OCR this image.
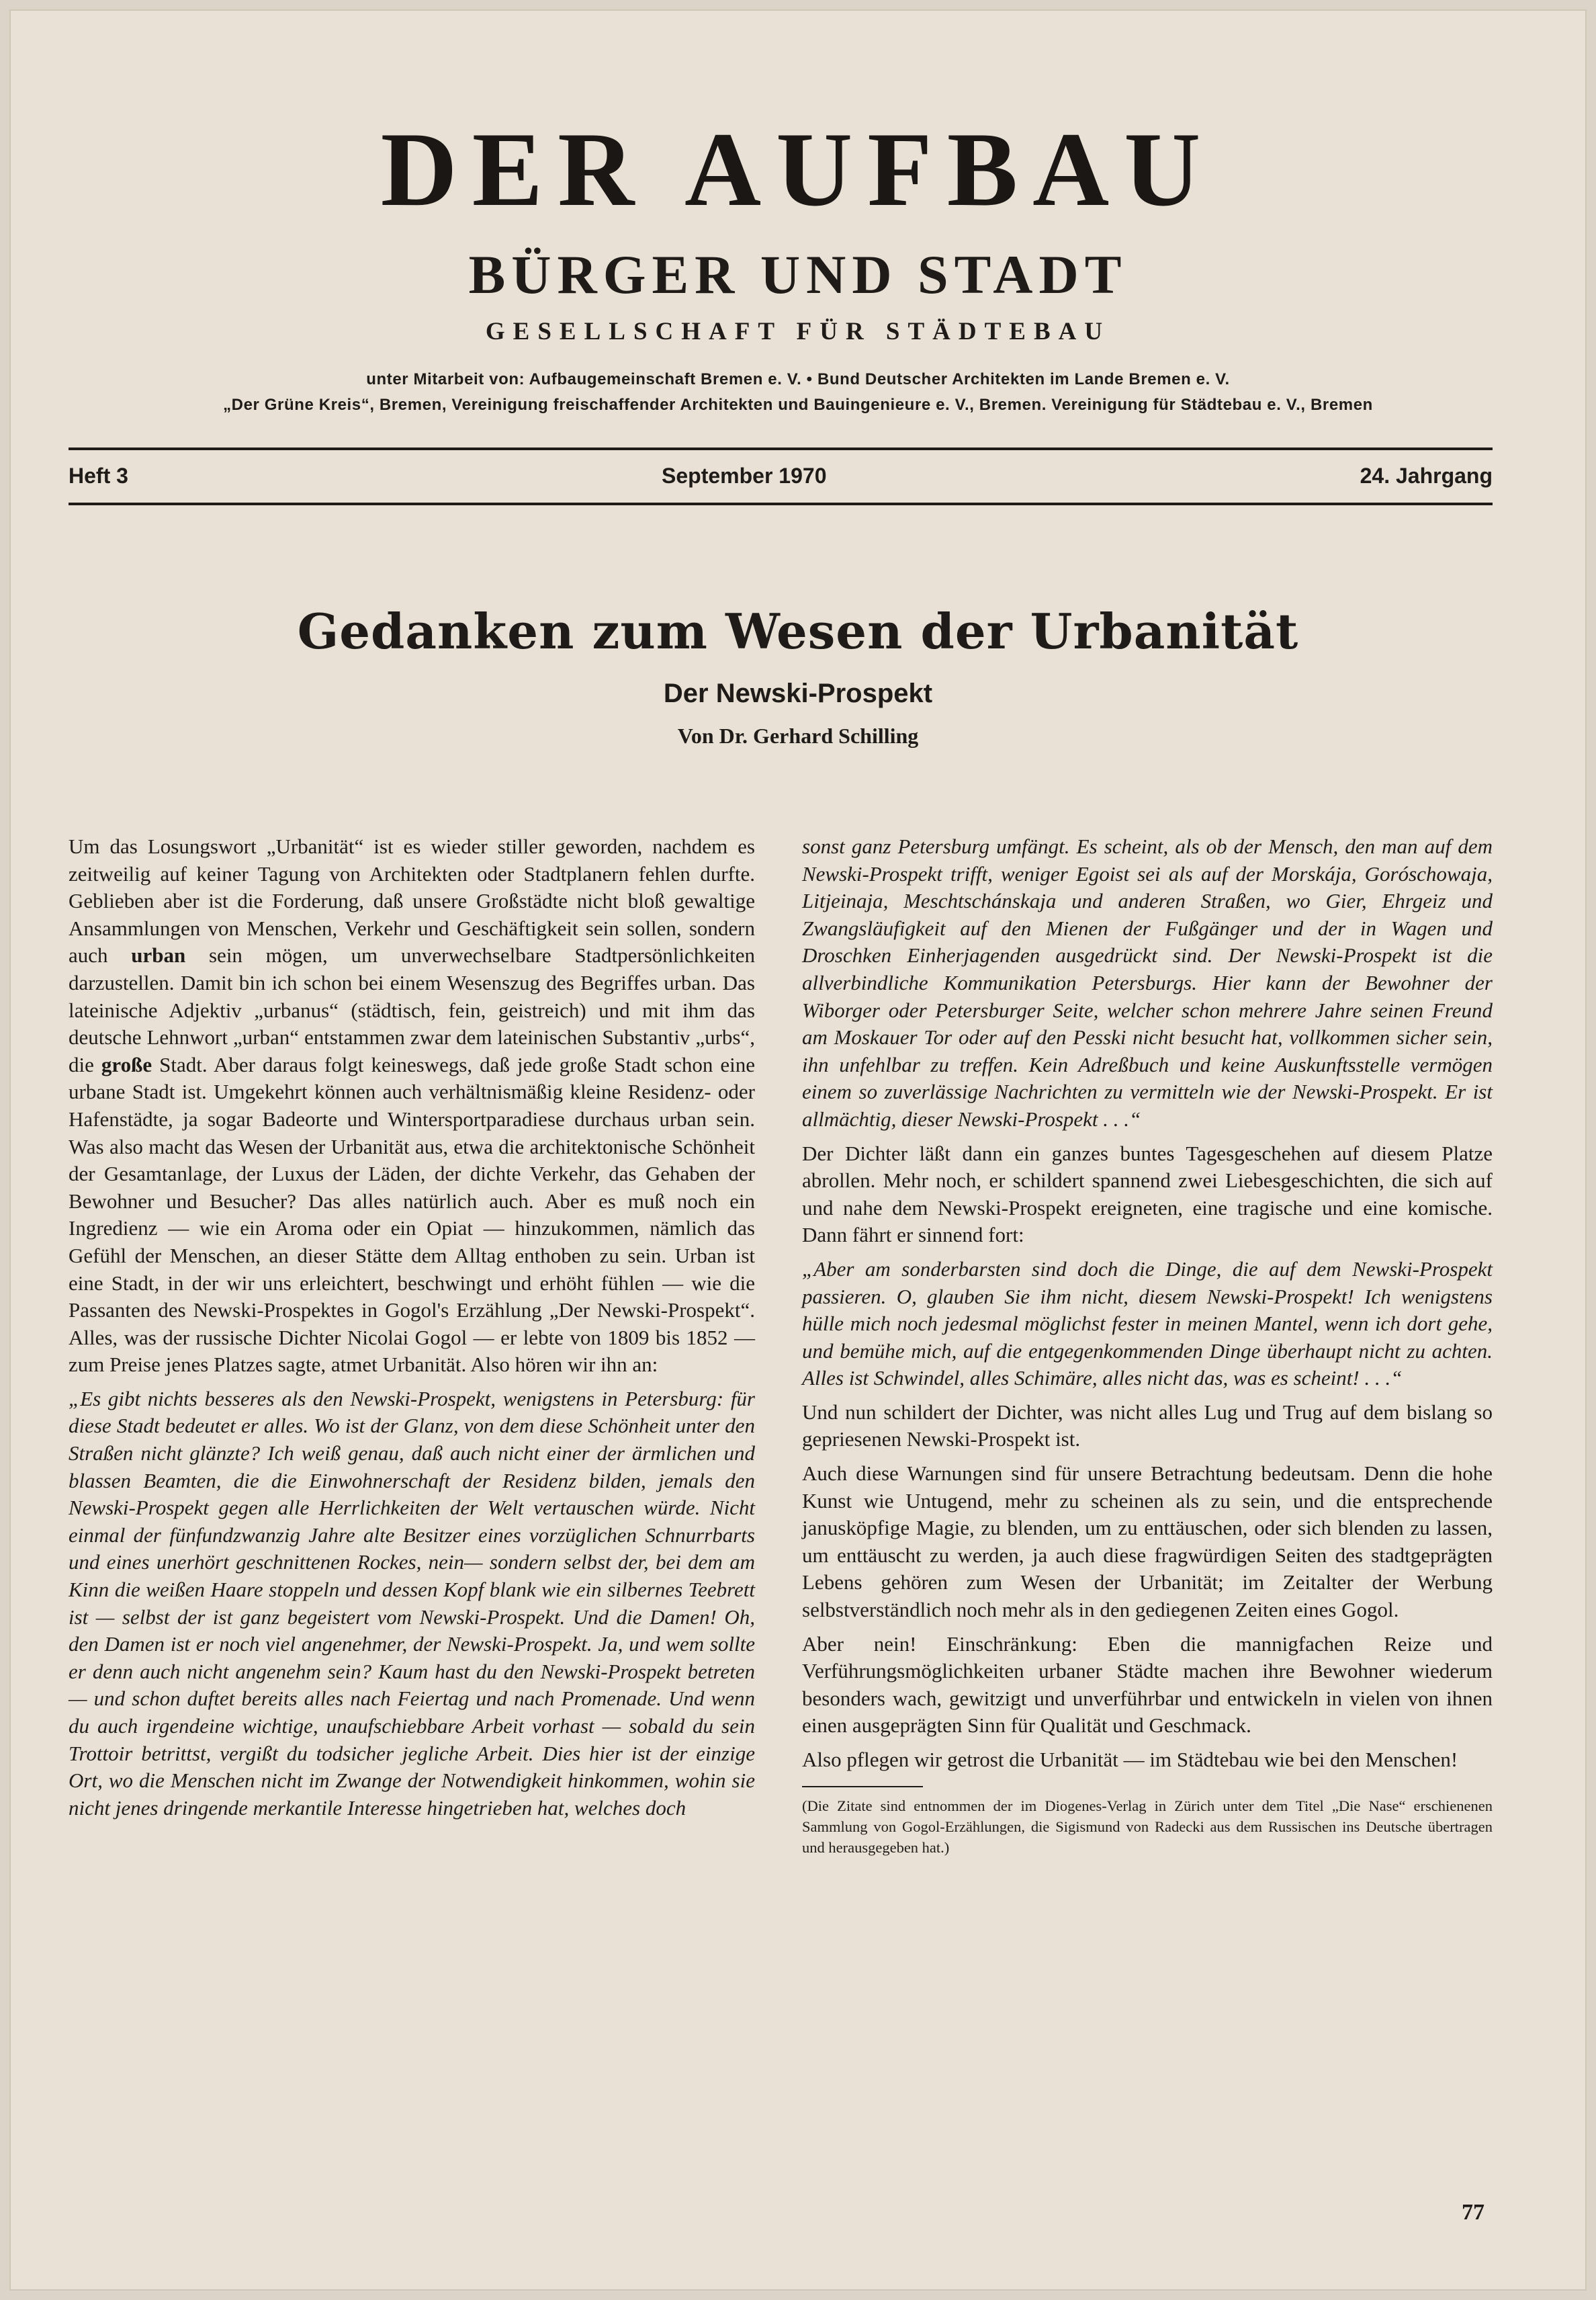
DER AUFBAU
BÜRGER UND STADT
GESELLSCHAFT FÜR STÄDTEBAU
unter Mitarbeit von: Aufbaugemeinschaft Bremen e. V. • Bund Deutscher Architekten im Lande Bremen e. V.
„Der Grüne Kreis“, Bremen, Vereinigung freischaffender Architekten und Bauingenieure e. V., Bremen. Vereinigung für Städtebau e. V., Bremen
Heft 3	September 1970	24. Jahrgang
Gedanken zum Wesen der Urbanität
Der Newski-Prospekt
Von Dr. Gerhard Schilling

Um das Losungswort „Urbanität“ ist es wieder stiller geworden, nachdem es zeitweilig auf keiner Tagung von Architekten oder Stadtplanern fehlen durfte. Geblieben aber ist die Forderung, daß unsere Großstädte nicht bloß gewaltige Ansammlungen von Menschen, Verkehr und Geschäftigkeit sein sollen, sondern auch urban sein mögen, um unverwechselbare Stadtpersönlichkeiten darzustellen. Damit bin ich schon bei einem Wesenszug des Begriffes urban. Das lateinische Adjektiv „urbanus“ (städtisch, fein, geistreich) und mit ihm das deutsche Lehnwort „urban“ entstammen zwar dem lateinischen Substantiv „urbs“, die große Stadt. Aber daraus folgt keineswegs, daß jede große Stadt schon eine urbane Stadt ist. Umgekehrt können auch verhältnismäßig kleine Residenz- oder Hafenstädte, ja sogar Badeorte und Wintersportparadiese durchaus urban sein. Was also macht das Wesen der Urbanität aus, etwa die architektonische Schönheit der Gesamtanlage, der Luxus der Läden, der dichte Verkehr, das Gehaben der Bewohner und Besucher? Das alles natürlich auch. Aber es muß noch ein Ingredienz — wie ein Aroma oder ein Opiat — hinzukommen, nämlich das Gefühl der Menschen, an dieser Stätte dem Alltag enthoben zu sein. Urban ist eine Stadt, in der wir uns erleichtert, beschwingt und erhöht fühlen — wie die Passanten des Newski-Prospektes in Gogol's Erzählung „Der Newski-Prospekt“. Alles, was der russische Dichter Nicolai Gogol — er lebte von 1809 bis 1852 — zum Preise jenes Platzes sagte, atmet Urbanität. Also hören wir ihn an:

„Es gibt nichts besseres als den Newski-Prospekt, wenigstens in Petersburg: für diese Stadt bedeutet er alles. Wo ist der Glanz, von dem diese Schönheit unter den Straßen nicht glänzte? Ich weiß genau, daß auch nicht einer der ärmlichen und blassen Beamten, die die Einwohnerschaft der Residenz bilden, jemals den Newski-Prospekt gegen alle Herrlichkeiten der Welt vertauschen würde. Nicht einmal der fünfundzwanzig Jahre alte Besitzer eines vorzüglichen Schnurrbarts und eines unerhört geschnittenen Rockes, nein— sondern selbst der, bei dem am Kinn die weißen Haare stoppeln und dessen Kopf blank wie ein silbernes Teebrett ist — selbst der ist ganz begeistert vom Newski-Prospekt. Und die Damen! Oh, den Damen ist er noch viel angenehmer, der Newski-Prospekt. Ja, und wem sollte er denn auch nicht angenehm sein? Kaum hast du den Newski-Prospekt betreten — und schon duftet bereits alles nach Feiertag und nach Promenade. Und wenn du auch irgendeine wichtige, unaufschiebbare Arbeit vorhast — sobald du sein Trottoir betrittst, vergißt du todsicher jegliche Arbeit. Dies hier ist der einzige Ort, wo die Menschen nicht im Zwange der Notwendigkeit hinkommen, wohin sie nicht jenes dringende merkantile Interesse hingetrieben hat, welches doch

sonst ganz Petersburg umfängt. Es scheint, als ob der Mensch, den man auf dem Newski-Prospekt trifft, weniger Egoist sei als auf der Morskája, Goróschowaja, Litjeinaja, Meschtschánskaja und anderen Straßen, wo Gier, Ehrgeiz und Zwangsläufigkeit auf den Mienen der Fußgänger und der in Wagen und Droschken Einherjagenden ausgedrückt sind. Der Newski-Prospekt ist die allverbindliche Kommunikation Petersburgs. Hier kann der Bewohner der Wiborger oder Petersburger Seite, welcher schon mehrere Jahre seinen Freund am Moskauer Tor oder auf den Pesski nicht besucht hat, vollkommen sicher sein, ihn unfehlbar zu treffen. Kein Adreßbuch und keine Auskunftsstelle vermögen einem so zuverlässige Nachrichten zu vermitteln wie der Newski-Prospekt. Er ist allmächtig, dieser Newski-Prospekt . . .“

Der Dichter läßt dann ein ganzes buntes Tagesgeschehen auf diesem Platze abrollen. Mehr noch, er schildert spannend zwei Liebesgeschichten, die sich auf und nahe dem Newski-Prospekt ereigneten, eine tragische und eine komische. Dann fährt er sinnend fort:

„Aber am sonderbarsten sind doch die Dinge, die auf dem Newski-Prospekt passieren. O, glauben Sie ihm nicht, diesem Newski-Prospekt! Ich wenigstens hülle mich noch jedesmal möglichst fester in meinen Mantel, wenn ich dort gehe, und bemühe mich, auf die entgegenkommenden Dinge überhaupt nicht zu achten. Alles ist Schwindel, alles Schimäre, alles nicht das, was es scheint! . . .“

Und nun schildert der Dichter, was nicht alles Lug und Trug auf dem bislang so gepriesenen Newski-Prospekt ist.

Auch diese Warnungen sind für unsere Betrachtung bedeutsam. Denn die hohe Kunst wie Untugend, mehr zu scheinen als zu sein, und die entsprechende janusköpfige Magie, zu blenden, um zu enttäuschen, oder sich blenden zu lassen, um enttäuscht zu werden, ja auch diese fragwürdigen Seiten des stadtgeprägten Lebens gehören zum Wesen der Urbanität; im Zeitalter der Werbung selbstverständlich noch mehr als in den gediegenen Zeiten eines Gogol.

Aber nein! Einschränkung: Eben die mannigfachen Reize und Verführungsmöglichkeiten urbaner Städte machen ihre Bewohner wiederum besonders wach, gewitzigt und unverführbar und entwickeln in vielen von ihnen einen ausgeprägten Sinn für Qualität und Geschmack.

Also pflegen wir getrost die Urbanität — im Städtebau wie bei den Menschen!

(Die Zitate sind entnommen der im Diogenes-Verlag in Zürich unter dem Titel „Die Nase“ erschienenen Sammlung von Gogol-Erzählungen, die Sigismund von Radecki aus dem Russischen ins Deutsche übertragen und herausgegeben hat.)

77
